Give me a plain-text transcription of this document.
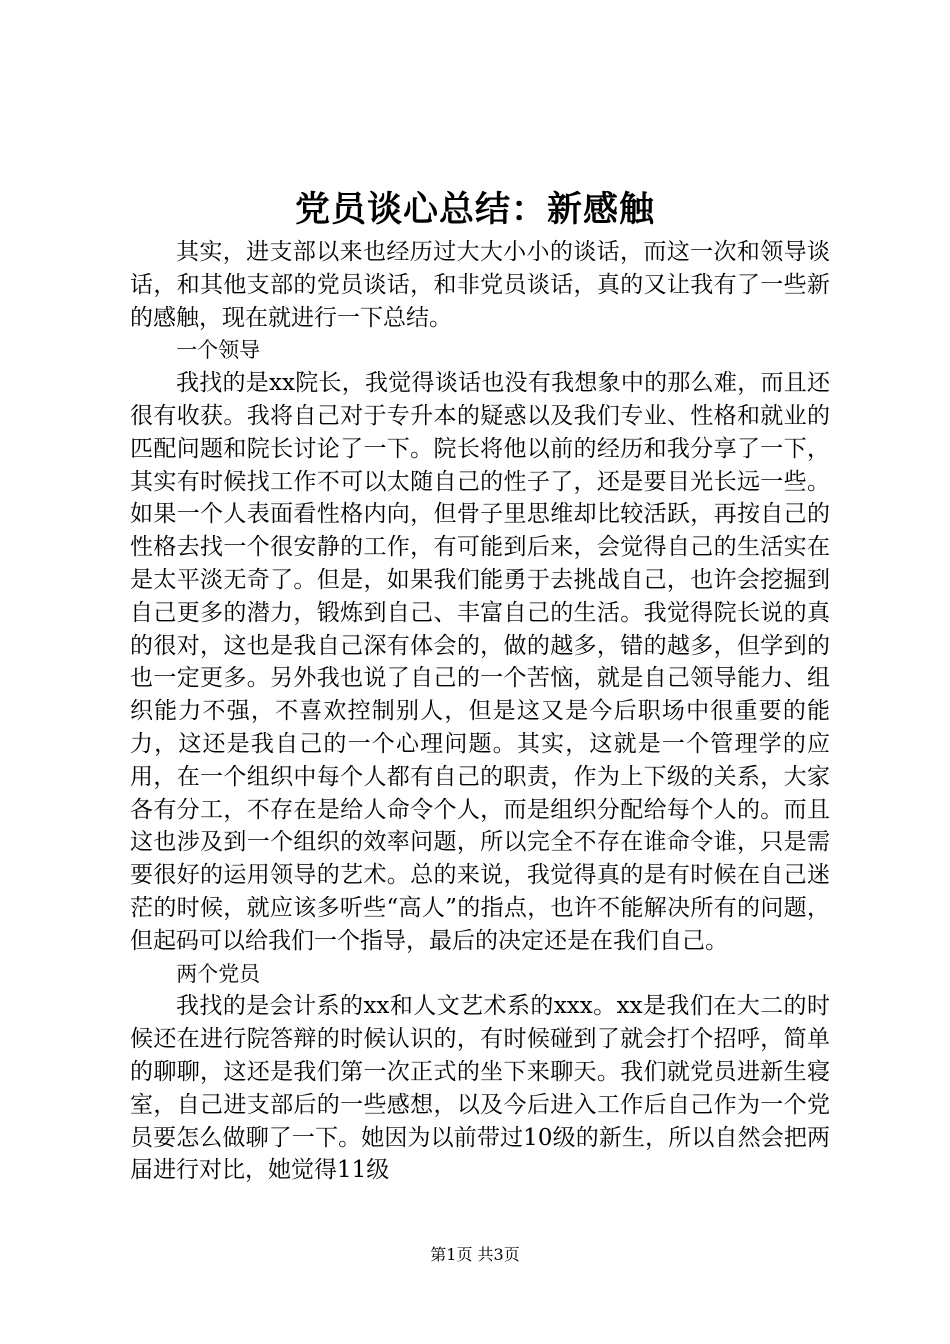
党员谈心总结：新感触

其实，进支部以来也经历过大大小小的谈话，而这一次和领导谈话，和其他支部的党员谈话，和非党员谈话，真的又让我有了一些新的感触，现在就进行一下总结。

一个领导

我找的是xx院长，我觉得谈话也没有我想象中的那么难，而且还很有收获。我将自己对于专升本的疑惑以及我们专业、性格和就业的匹配问题和院长讨论了一下。院长将他以前的经历和我分享了一下，其实有时候找工作不可以太随自己的性子了，还是要目光长远一些。如果一个人表面看性格内向，但骨子里思维却比较活跃，再按自己的性格去找一个很安静的工作，有可能到后来，会觉得自己的生活实在是太平淡无奇了。但是，如果我们能勇于去挑战自己，也许会挖掘到自己更多的潜力，锻炼到自己、丰富自己的生活。我觉得院长说的真的很对，这也是我自己深有体会的，做的越多，错的越多，但学到的也一定更多。另外我也说了自己的一个苦恼，就是自己领导能力、组织能力不强，不喜欢控制别人，但是这又是今后职场中很重要的能力，这还是我自己的一个心理问题。其实，这就是一个管理学的应用，在一个组织中每个人都有自己的职责，作为上下级的关系，大家各有分工，不存在是给人命令个人，而是组织分配给每个人的。而且这也涉及到一个组织的效率问题，所以完全不存在谁命令谁，只是需要很好的运用领导的艺术。总的来说，我觉得真的是有时候在自己迷茫的时候，就应该多听些“高人”的指点，也许不能解决所有的问题，但起码可以给我们一个指导，最后的决定还是在我们自己。

两个党员

我找的是会计系的xx和人文艺术系的xxx。xx是我们在大二的时候还在进行院答辩的时候认识的，有时候碰到了就会打个招呼，简单的聊聊，这还是我们第一次正式的坐下来聊天。我们就党员进新生寝室，自己进支部后的一些感想，以及今后进入工作后自己作为一个党员要怎么做聊了一下。她因为以前带过10级的新生，所以自然会把两届进行对比，她觉得11级

第1页 共3页
